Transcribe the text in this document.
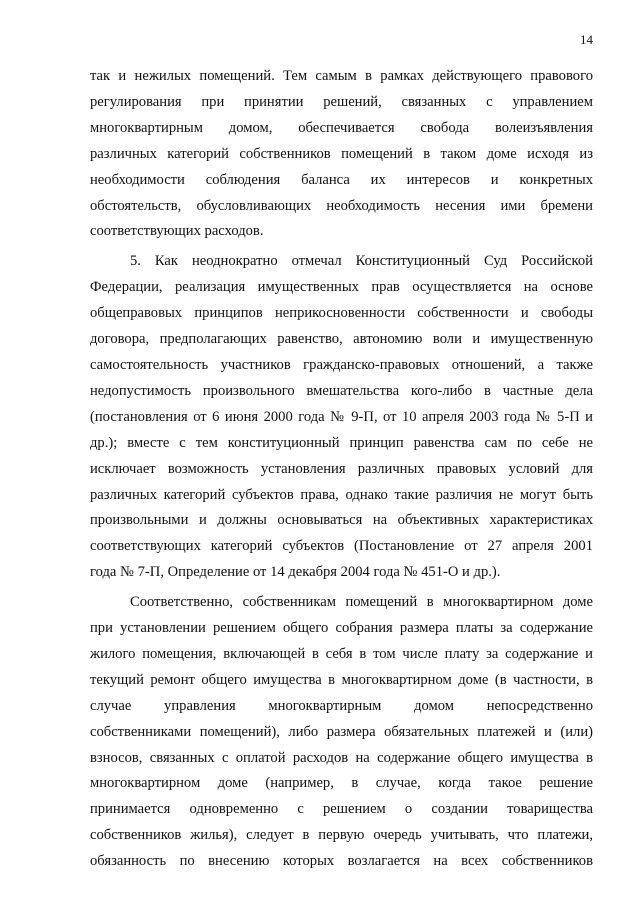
14

так и нежилых помещений. Тем самым в рамках действующего правового
регулирования при принятии решений, связанных с управлением
многоквартирным домом, обеспечивается свобода волеизъявления
различных категорий собственников помещений в таком доме исходя из
необходимости соблюдения баланса их интересов и конкретных
обстоятельств, обусловливающих необходимость несения ими бремени
соответствующих расходов.

5. Как неоднократно отмечал Конституционный Суд Российской
Федерации, реализация имущественных прав осуществляется на основе
общеправовых принципов неприкосновенности собственности и свободы
договора, предполагающих равенство, автономию воли и имущественную
самостоятельность участников гражданско-правовых отношений, а также
недопустимость произвольного вмешательства кого-либо в частные дела
(постановления от 6 июня 2000 года № 9-П, от 10 апреля 2003 года № 5-П и
др.); вместе с тем конституционный принцип равенства сам по себе не
исключает возможность установления различных правовых условий для
различных категорий субъектов права, однако такие различия не могут быть
произвольными и должны основываться на объективных характеристиках
соответствующих категорий субъектов (Постановление от 27 апреля 2001
года № 7-П, Определение от 14 декабря 2004 года № 451-О и др.).

Соответственно, собственникам помещений в многоквартирном доме
при установлении решением общего собрания размера платы за содержание
жилого помещения, включающей в себя в том числе плату за содержание и
текущий ремонт общего имущества в многоквартирном доме (в частности, в
случае управления многоквартирным домом непосредственно
собственниками помещений), либо размера обязательных платежей и (или)
взносов, связанных с оплатой расходов на содержание общего имущества в
многоквартирном доме (например, в случае, когда такое решение
принимается одновременно с решением о создании товарищества
собственников жилья), следует в первую очередь учитывать, что платежи,
обязанность по внесению которых возлагается на всех собственников
